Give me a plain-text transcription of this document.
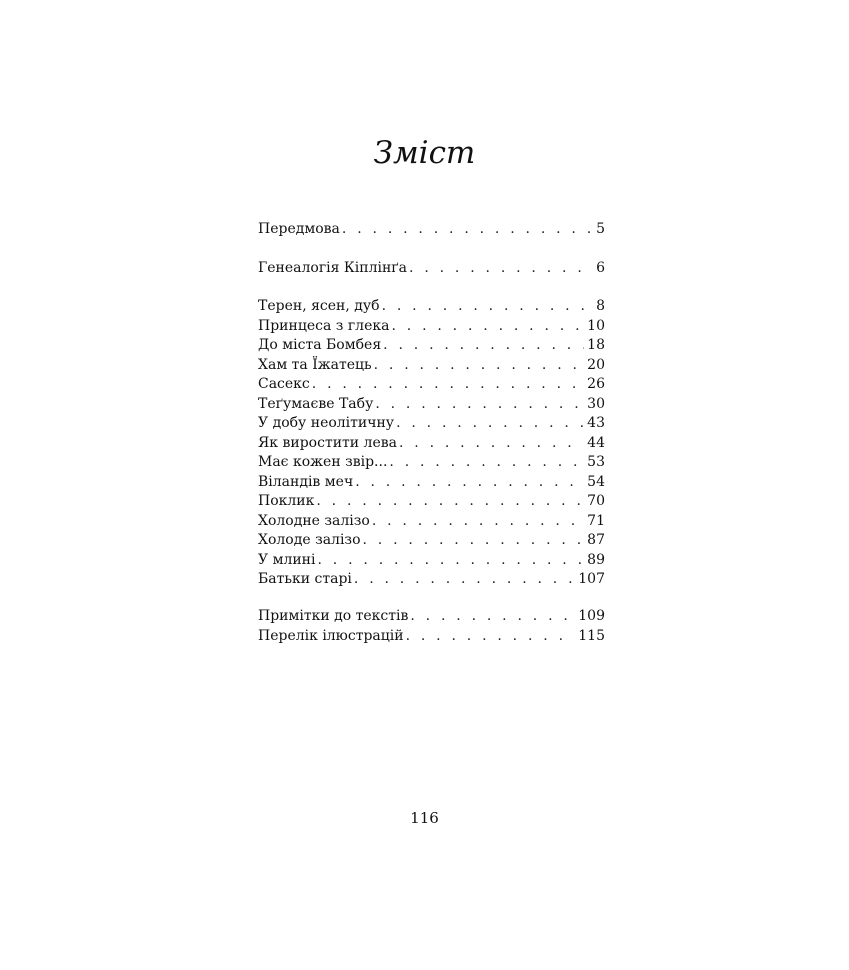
Зміст
Передмова . . .	5
Генеалогія Кіплінґа . . .	6
Терен, ясен, дуб . . .	8
Принцеса з глека . . .	10
До міста Бомбея . . .	18
Хам та Їжатець . . .	20
Сасекс . . .	26
Теґумаєве Табу . . .	30
У добу неолітичну . . .	43
Як виростити лева . . .	44
Має кожен звір... . . .	53
Віландів меч . . .	54
Поклик . . .	70
Холодне залізо . . .	71
Холоде залізо . . .	87
У млині . . .	89
Батьки старі . . .	107
Примітки до текстів . . .	109
Перелік ілюстрацій . . .	115
116
